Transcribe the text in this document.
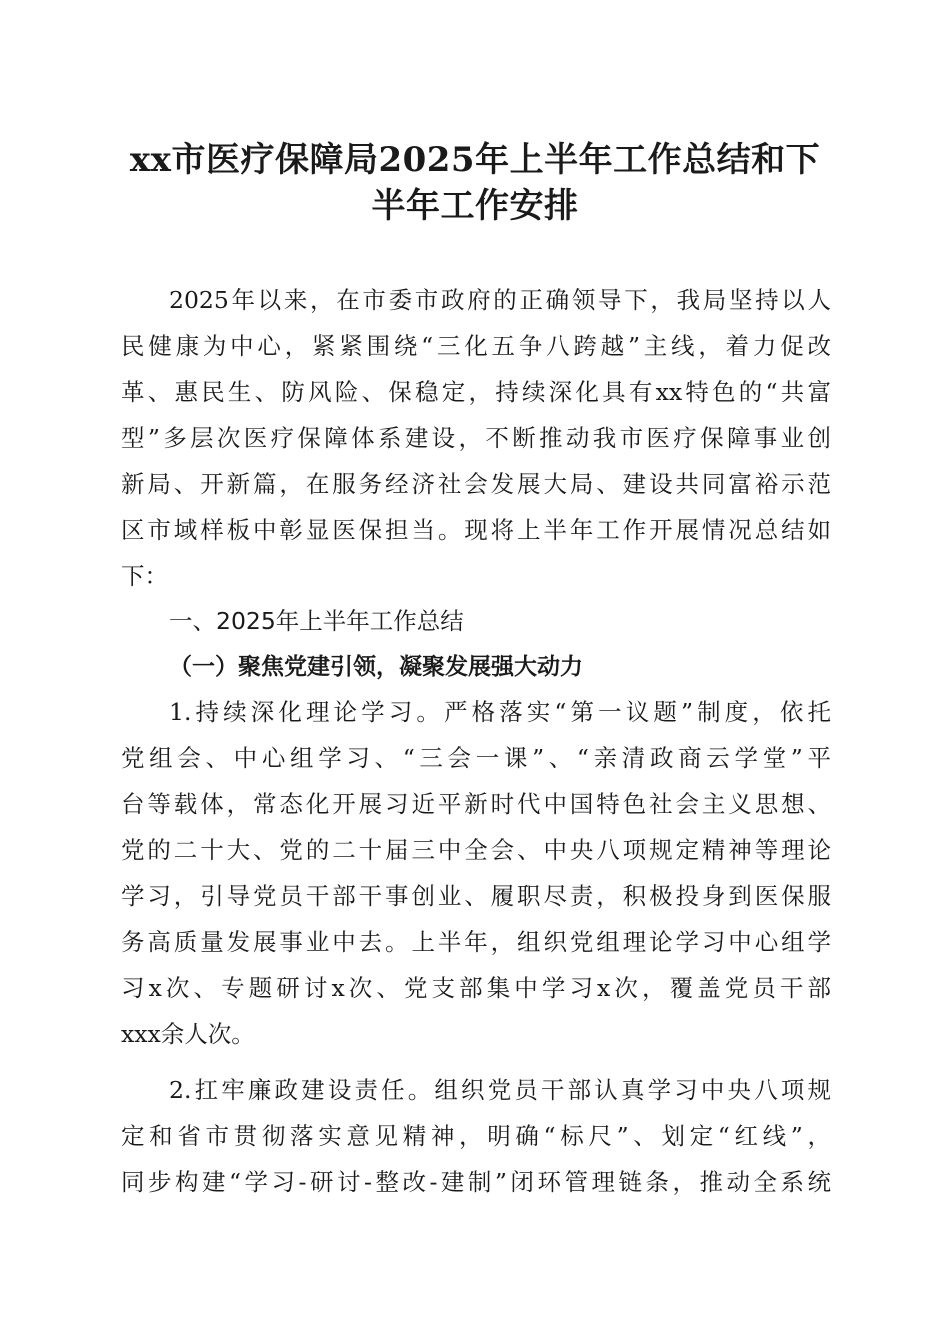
xx市医疗保障局2025年上半年工作总结和下
半年工作安排
2025年以来，在市委市政府的正确领导下，我局坚持以人
民健康为中心，紧紧围绕“三化五争八跨越”主线，着力促改
革、惠民生、防风险、保稳定，持续深化具有xx特色的“共富
型”多层次医疗保障体系建设，不断推动我市医疗保障事业创
新局、开新篇，在服务经济社会发展大局、建设共同富裕示范
区市域样板中彰显医保担当。现将上半年工作开展情况总结如
下：
一、2025年上半年工作总结
（一）聚焦党建引领，凝聚发展强大动力
1.持续深化理论学习。严格落实“第一议题”制度，依托
党组会、中心组学习、“三会一课”、“亲清政商云学堂”平
台等载体，常态化开展习近平新时代中国特色社会主义思想、
党的二十大、党的二十届三中全会、中央八项规定精神等理论
学习，引导党员干部干事创业、履职尽责，积极投身到医保服
务高质量发展事业中去。上半年，组织党组理论学习中心组学
习x次、专题研讨x次、党支部集中学习x次，覆盖党员干部
xxx余人次。
2.扛牢廉政建设责任。组织党员干部认真学习中央八项规
定和省市贯彻落实意见精神，明确“标尺”、划定“红线”，
同步构建“学习-研讨-整改-建制”闭环管理链条，推动全系统
